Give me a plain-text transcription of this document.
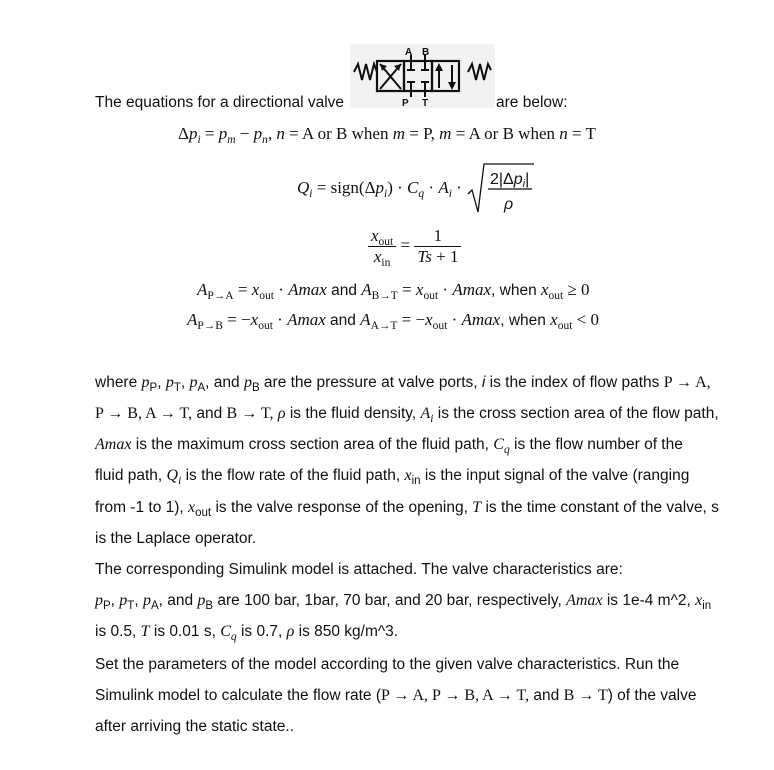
A B
P T
The equations for a directional valve	are below:
$\Delta p_i = p_m - p_n$, n = A or B when m = P, m = A or B when n = T
$Q_i$ = $sign(\Delta p_i) \cdot C_q \cdot A_i \cdot 2|\Delta pi|$
ρ
$\frac{x_{out}}{x_{in}} = \frac{1}{Ts + 1}$
$A_{P\to A} = x_{out} \cdot Amax$ and $A_{B\to T} = x_{out} \cdot Amax$, when $x_{out} \ge 0$
$A_{P\to B} = -x_{out} \cdot Amax$ and $A_{A\to T} = -x_{out} \cdot Amax$, when $x_{out} < 0$
where $p_P$, $p_T$, $p_A$, and $p_B$ are the pressure at valve ports, i is the index of flow paths P → A,
P → B, A → T, and B → T, ρ is the fluid density, $A_i$ is the cross section area of the flow path,
Amax is the maximum cross section area of the fluid path, $C_q$ is the flow number of the
fluid path, $Q_i$ is the flow rate of the fluid path, $x_{in}$ is the input signal of the valve (ranging
from -1 to 1), $x_{out}$ is the valve response of the opening, T is the time constant of the valve, s
is the Laplace operator.
The corresponding Simulink model is attached. The valve characteristics are:
$p_P$, $p_T$, $p_A$, and $p_B$ are 100 bar, 1bar, 70 bar, and 20 bar, respectively, Amax is 1e-4 m^2, $x_{in}$
is 0.5, T is 0.01 s, $C_q$ is 0.7, ρ is 850 kg/m^3.
Set the parameters of the model according to the given valve characteristics. Run the
Simulink model to calculate the flow rate (P → A, P → B, A → T, and B → T) of the valve
after arriving the static state..
